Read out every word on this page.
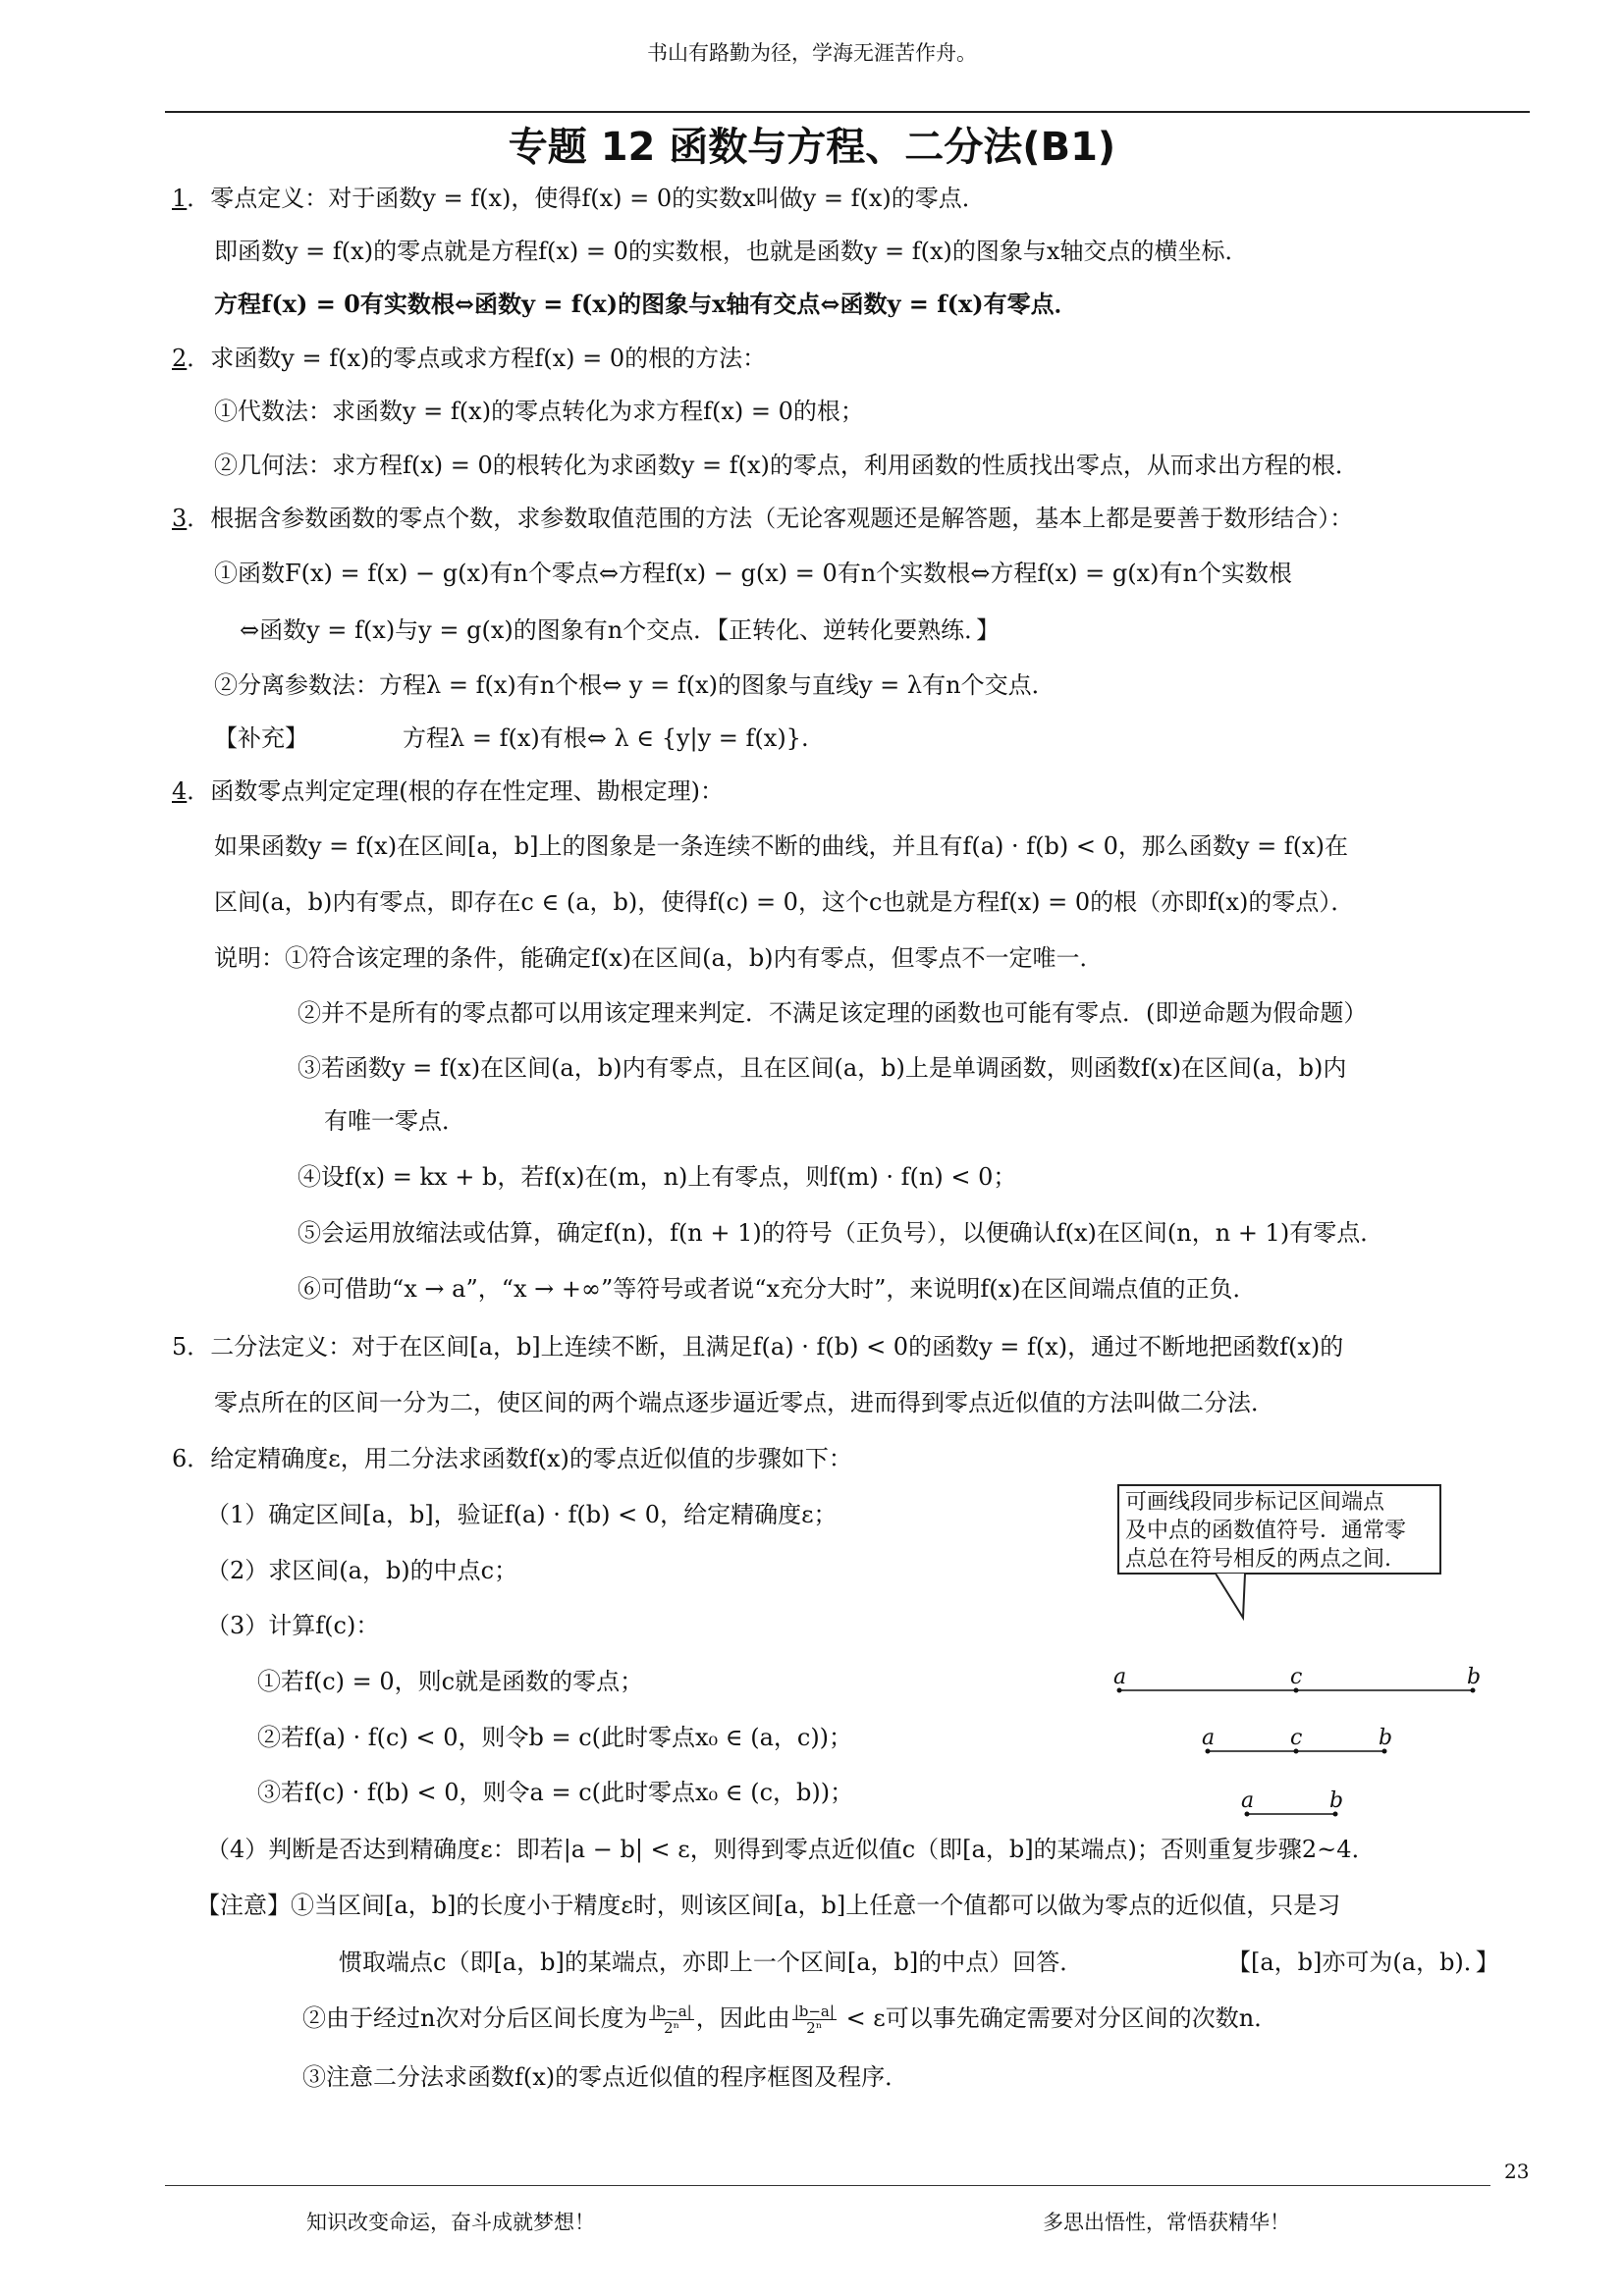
书山有路勤为径，学海无涯苦作舟。
专题 12 函数与方程、二分法(B1)
1．零点定义：对于函数y = f(x)，使得f(x) = 0的实数x叫做y = f(x)的零点．
即函数y = f(x)的零点就是方程f(x) = 0的实数根，也就是函数y = f(x)的图象与x轴交点的横坐标．
方程f(x) = 0有实数根⇔函数y = f(x)的图象与x轴有交点⇔函数y = f(x)有零点．
2．求函数y = f(x)的零点或求方程f(x) = 0的根的方法：
①代数法：求函数y = f(x)的零点转化为求方程f(x) = 0的根；
②几何法：求方程f(x) = 0的根转化为求函数y = f(x)的零点，利用函数的性质找出零点，从而求出方程的根．
3．根据含参数函数的零点个数，求参数取值范围的方法（无论客观题还是解答题，基本上都是要善于数形结合）：
①函数F(x) = f(x) − g(x)有n个零点⇔方程f(x) − g(x) = 0有n个实数根⇔方程f(x) = g(x)有n个实数根
⇔函数y = f(x)与y = g(x)的图象有n个交点．【正转化、逆转化要熟练．】
②分离参数法：方程λ = f(x)有n个根⇔ y = f(x)的图象与直线y = λ有n个交点．
【补充】	方程λ = f(x)有根⇔ λ ∈ {y|y = f(x)}.
4．函数零点判定定理(根的存在性定理、勘根定理)：
如果函数y = f(x)在区间[a，b]上的图象是一条连续不断的曲线，并且有f(a) · f(b) < 0，那么函数y = f(x)在
区间(a，b)内有零点，即存在c ∈ (a，b)，使得f(c) = 0，这个c也就是方程f(x) = 0的根（亦即f(x)的零点）．
说明：①符合该定理的条件，能确定f(x)在区间(a，b)内有零点，但零点不一定唯一．
②并不是所有的零点都可以用该定理来判定．不满足该定理的函数也可能有零点．(即逆命题为假命题）
③若函数y = f(x)在区间(a，b)内有零点，且在区间(a，b)上是单调函数，则函数f(x)在区间(a，b)内
有唯一零点．
④设f(x) = kx + b，若f(x)在(m，n)上有零点，则f(m) · f(n) < 0；
⑤会运用放缩法或估算，确定f(n)，f(n + 1)的符号（正负号），以便确认f(x)在区间(n，n + 1)有零点．
⑥可借助“x → a”，“x → +∞”等符号或者说“x充分大时”，来说明f(x)在区间端点值的正负．
5．二分法定义：对于在区间[a，b]上连续不断，且满足f(a) · f(b) < 0的函数y = f(x)，通过不断地把函数f(x)的
零点所在的区间一分为二，使区间的两个端点逐步逼近零点，进而得到零点近似值的方法叫做二分法．
6．给定精确度ε，用二分法求函数f(x)的零点近似值的步骤如下：
（1）确定区间[a，b]，验证f(a) · f(b) < 0，给定精确度ε；
（2）求区间(a，b)的中点c；
（3）计算f(c)：
①若f(c) = 0，则c就是函数的零点；
②若f(a) · f(c) < 0，则令b = c(此时零点x₀ ∈ (a，c))；
③若f(c) · f(b) < 0，则令a = c(此时零点x₀ ∈ (c，b))；
（4）判断是否达到精确度ε：即若|a − b| < ε，则得到零点近似值c（即[a，b]的某端点)；否则重复步骤2~4．
【注意】①当区间[a，b]的长度小于精度ε时，则该区间[a，b]上任意一个值都可以做为零点的近似值，只是习
惯取端点c（即[a，b]的某端点，亦即上一个区间[a，b]的中点）回答．	【[a，b]亦可为(a，b)．】
②由于经过n次对分后区间长度为 $\frac{|b-a|}{\text{2ⁿ}}$ ，因此由 $\frac{|b-a|}{\text{2ⁿ}} < \varepsilon$可以事先确定需要对分区间的次数n．
③注意二分法求函数f(x)的零点近似值的程序框图及程序．
可画线段同步标记区间端点
及中点的函数值符号．通常零
点总在符号相反的两点之间.
a	c	b
a	c	b
a	b
23
知识改变命运，奋斗成就梦想！	多思出悟性，常悟获精华！
